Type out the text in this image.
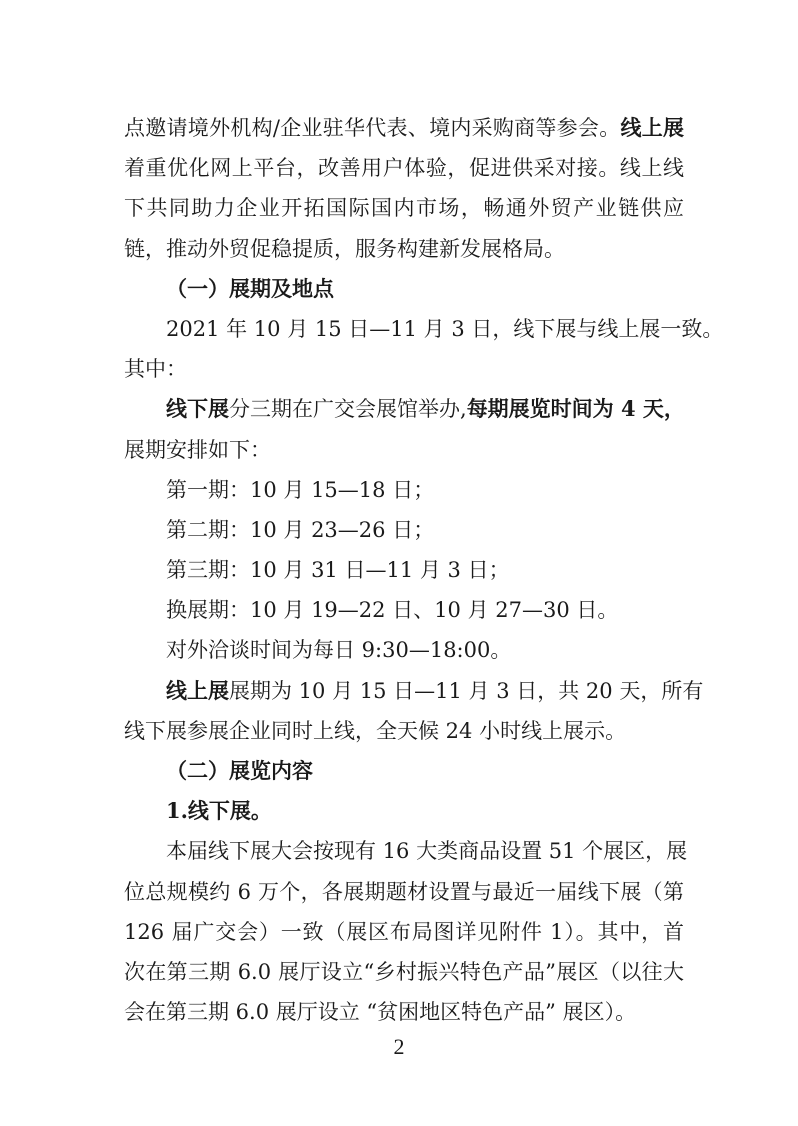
点邀请境外机构/企业驻华代表、境内采购商等参会。线上展
着重优化网上平台，改善用户体验，促进供采对接。线上线
下共同助力企业开拓国际国内市场，畅通外贸产业链供应
链，推动外贸促稳提质，服务构建新发展格局。
（一）展期及地点
2021 年 10 月 15 日—11 月 3 日，线下展与线上展一致。
其中：
线下展分三期在广交会展馆举办,每期展览时间为 4 天，
展期安排如下：
第一期：10 月 15—18 日；
第二期：10 月 23—26 日；
第三期：10 月 31 日—11 月 3 日；
换展期：10 月 19—22 日、10 月 27—30 日。
对外洽谈时间为每日 9:30—18:00。
线上展展期为 10 月 15 日—11 月 3 日，共 20 天，所有
线下展参展企业同时上线，全天候 24 小时线上展示。
（二）展览内容
1.线下展。
本届线下展大会按现有 16 大类商品设置 51 个展区，展
位总规模约 6 万个，各展期题材设置与最近一届线下展（第
126 届广交会）一致（展区布局图详见附件 1）。其中，首
次在第三期 6.0 展厅设立“乡村振兴特色产品”展区（以往大
会在第三期 6.0 展厅设立 “贫困地区特色产品” 展区）。
2
